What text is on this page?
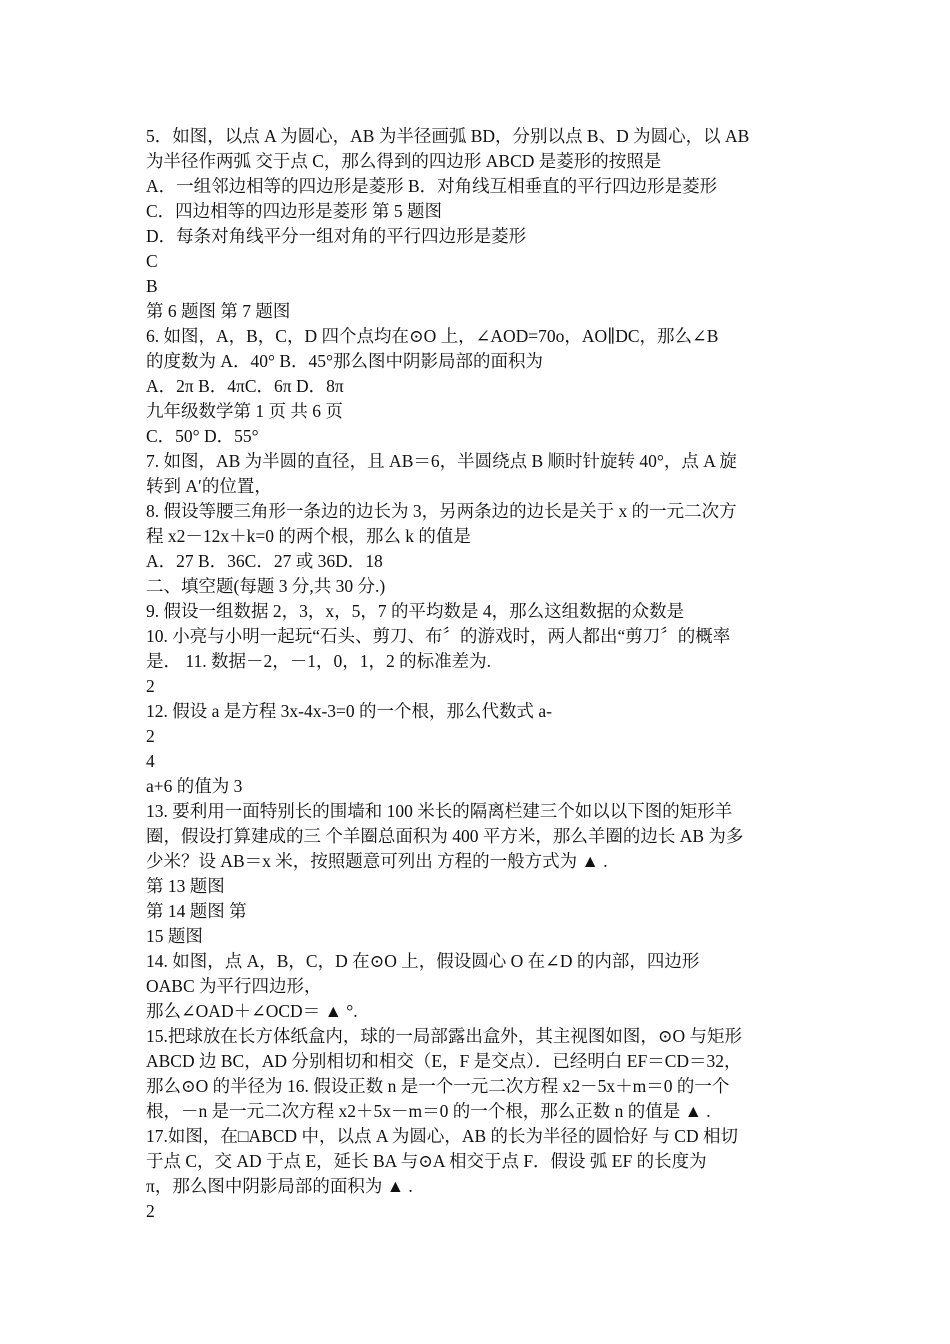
5．如图，以点 A 为圆心，AB 为半径画弧 BD，分别以点 B、D 为圆心，以 AB
为半径作两弧 交于点 C，那么得到的四边形 ABCD 是菱形的按照是
A．一组邻边相等的四边形是菱形 B．对角线互相垂直的平行四边形是菱形
C．四边相等的四边形是菱形 第 5 题图
D．每条对角线平分一组对角的平行四边形是菱形
C
B
第 6 题图 第 7 题图
6. 如图，A，B，C，D 四个点均在⊙O 上，∠AOD=70o，AO∥DC，那么∠B
的度数为 A．40° B．45°那么图中阴影局部的面积为
A．2π B．4πC．6π D．8π
九年级数学第 1 页 共 6 页
C．50° D．55°
7. 如图，AB 为半圆的直径，且 AB＝6，半圆绕点 B 顺时针旋转 40°，点 A 旋
转到 A′的位置，
8. 假设等腰三角形一条边的边长为 3，另两条边的边长是关于 x 的一元二次方
程 x2－12x＋k=0 的两个根，那么 k 的值是
A．27 B．36C．27 或 36D．18
二、填空题(每题 3 分,共 30 分.)
9. 假设一组数据 2，3，x，5，7 的平均数是 4，那么这组数据的众数是
10. 小亮与小明一起玩“石头、剪刀、布〞的游戏时，两人都出“剪刀〞的概率
是． 11. 数据－2，－1，0，1，2 的标准差为.
2
12. 假设 a 是方程 3x-4x-3=0 的一个根，那么代数式 a-
2
4
a+6 的值为 3
13. 要利用一面特别长的围墙和 100 米长的隔离栏建三个如以以下图的矩形羊
圈，假设打算建成的三 个羊圈总面积为 400 平方米，那么羊圈的边长 AB 为多
少米？设 AB＝x 米，按照题意可列出 方程的一般方式为 ▲ .
第 13 题图
第 14 题图 第
15 题图
14. 如图，点 A，B，C，D 在⊙O 上，假设圆心 O 在∠D 的内部，四边形
OABC 为平行四边形，
那么∠OAD＋∠OCD＝ ▲ °.
15.把球放在长方体纸盒内，球的一局部露出盒外，其主视图如图，⊙O 与矩形
ABCD 边 BC，AD 分别相切和相交（E，F 是交点）．已经明白 EF＝CD＝32，
那么⊙O 的半径为 16. 假设正数 n 是一个一元二次方程 x2－5x＋m＝0 的一个
根，－n 是一元二次方程 x2＋5x－m＝0 的一个根，那么正数 n 的值是 ▲ .
17.如图，在□ABCD 中，以点 A 为圆心，AB 的长为半径的圆恰好 与 CD 相切
于点 C，交 AD 于点 E，延长 BA 与⊙A 相交于点 F．假设 弧 EF 的长度为
π，那么图中阴影局部的面积为 ▲ .
2
